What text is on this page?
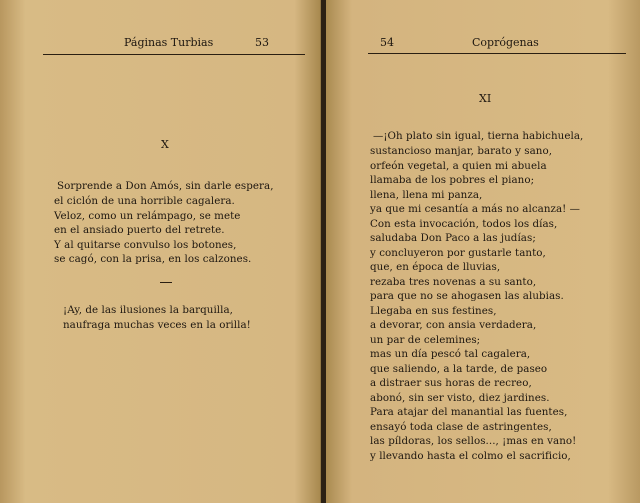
Páginas Turbias	53
X
Sorprende a Don Amós, sin darle espera,
el ciclón de una horrible cagalera.
Veloz, como un relámpago, se mete
en el ansiado puerto del retrete.
Y al quitarse convulso los botones,
se cagó, con la prisa, en los calzones.
¡Ay, de las ilusiones la barquilla,
naufraga muchas veces en la orilla!
54	Coprógenas
XI
—¡Oh plato sin igual, tierna habichuela,
sustancioso manjar, barato y sano,
orfeón vegetal, a quien mi abuela
llamaba de los pobres el piano;
llena, llena mi panza,
ya que mi cesantía a más no alcanza! —
Con esta invocación, todos los días,
saludaba Don Paco a las judías;
y concluyeron por gustarle tanto,
que, en época de lluvias,
rezaba tres novenas a su santo,
para que no se ahogasen las alubias.
Llegaba en sus festines,
a devorar, con ansia verdadera,
un par de celemines;
mas un día pescó tal cagalera,
que saliendo, a la tarde, de paseo
a distraer sus horas de recreo,
abonó, sin ser visto, diez jardines.
Para atajar del manantial las fuentes,
ensayó toda clase de astringentes,
las píldoras, los sellos..., ¡mas en vano!
y llevando hasta el colmo el sacrificio,
